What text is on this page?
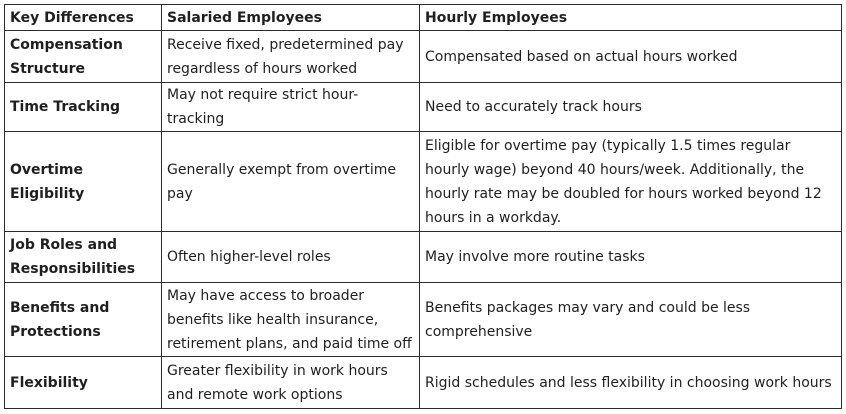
Key Differences	Salaried Employees	Hourly Employees
Compensation Structure	Receive fixed, predetermined pay regardless of hours worked	Compensated based on actual hours worked
Time Tracking	May not require strict hour-tracking	Need to accurately track hours
Overtime Eligibility	Generally exempt from overtime pay	Eligible for overtime pay (typically 1.5 times regular hourly wage) beyond 40 hours/week. Additionally, the hourly rate may be doubled for hours worked beyond 12 hours in a workday.
Job Roles and Responsibilities	Often higher-level roles	May involve more routine tasks
Benefits and Protections	May have access to broader benefits like health insurance, retirement plans, and paid time off	Benefits packages may vary and could be less comprehensive
Flexibility	Greater flexibility in work hours and remote work options	Rigid schedules and less flexibility in choosing work hours
